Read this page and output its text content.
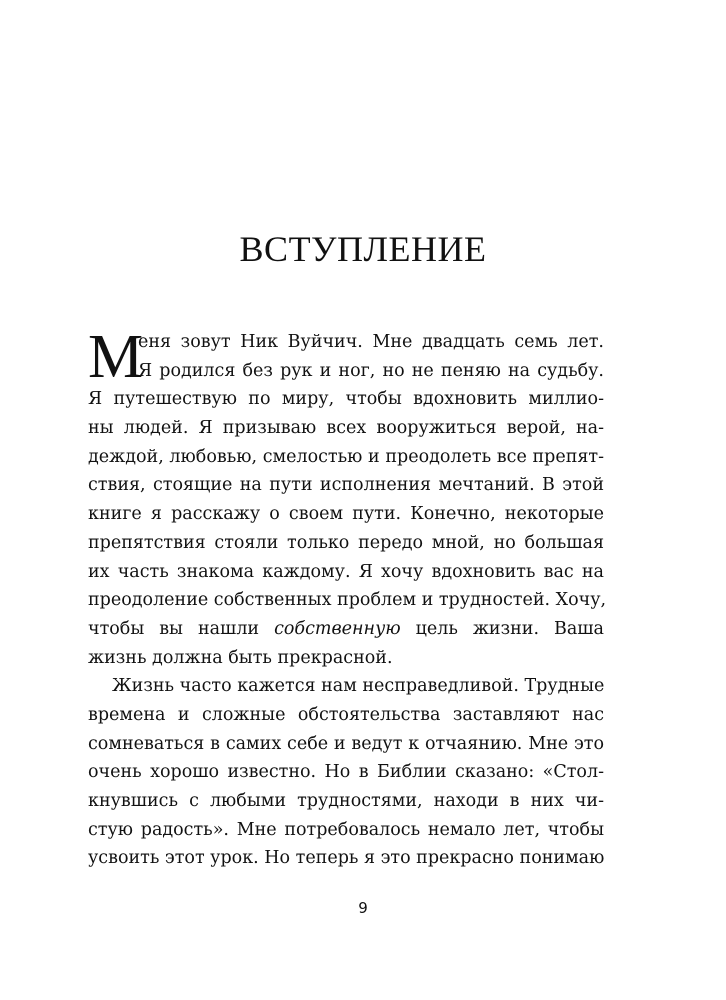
ВСТУПЛЕНИЕ
М
еня зовут Ник Вуйчич. Мне двадцать семь лет.
Я родился без рук и ног, но не пеняю на судьбу.
Я путешествую по миру, чтобы вдохновить миллио-
ны людей. Я призываю всех вооружиться верой, на-
деждой, любовью, смелостью и преодолеть все препят-
ствия, стоящие на пути исполнения мечтаний. В этой
книге я расскажу о своем пути. Конечно, некоторые
препятствия стояли только передо мной, но большая
их часть знакома каждому. Я хочу вдохновить вас на
преодоление собственных проблем и трудностей. Хочу,
чтобы вы нашли собственную цель жизни. Ваша
жизнь должна быть прекрасной.
Жизнь часто кажется нам несправедливой. Трудные
времена и сложные обстоятельства заставляют нас
сомневаться в самих себе и ведут к отчаянию. Мне это
очень хорошо известно. Но в Библии сказано: «Стол-
кнувшись с любыми трудностями, находи в них чи-
стую радость». Мне потребовалось немало лет, чтобы
усвоить этот урок. Но теперь я это прекрасно понимаю
9
